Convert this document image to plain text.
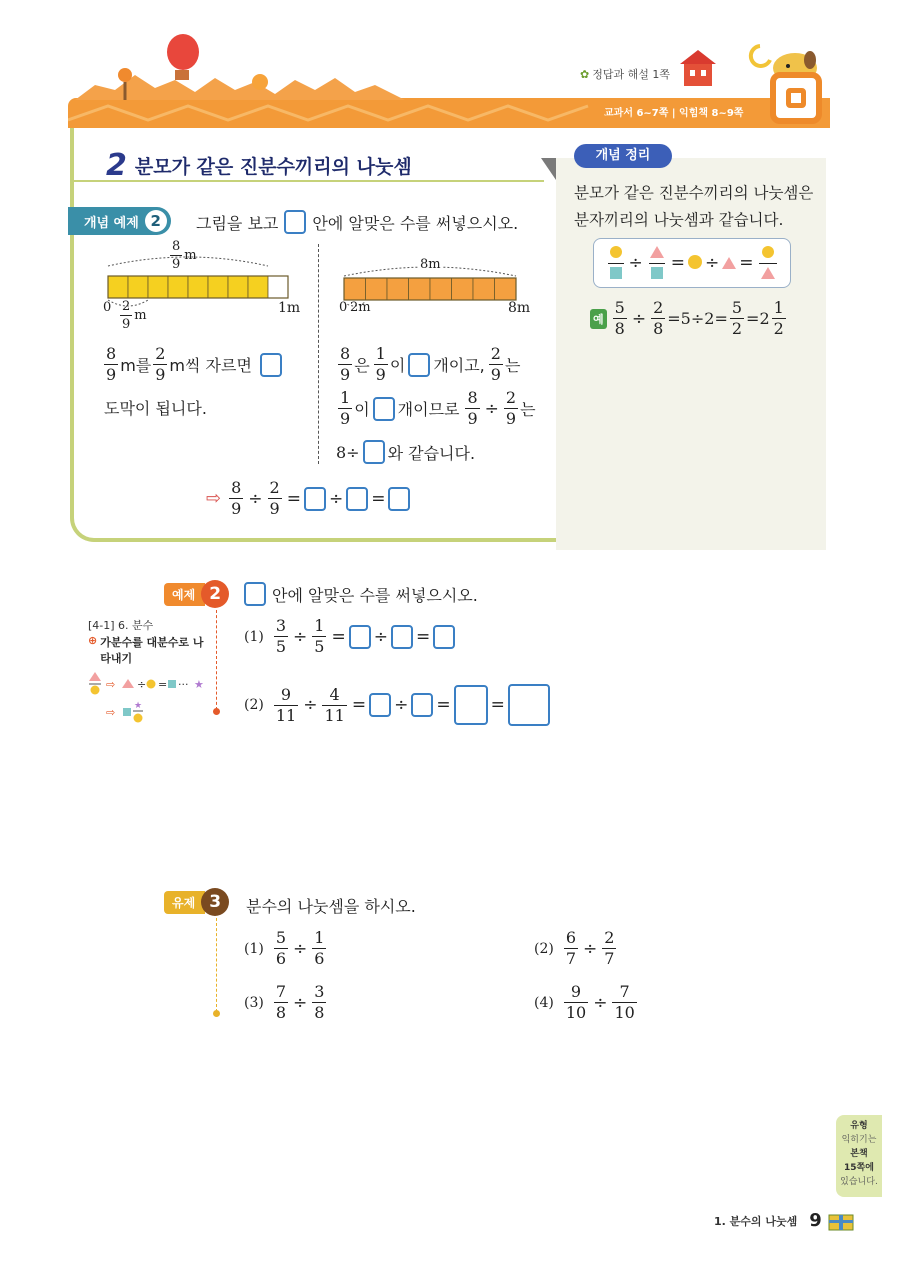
✿ 정답과 해설 1쪽
교과서 6~7쪽 | 익힘책 8~9쪽
2 분모가 같은 진분수끼리의 나눗셈
개념 정리
분모가 같은 진분수끼리의 나눗셈은 분자끼리의 나눗셈과 같습니다.
÷ = ÷ =
예 $\frac{5}{8} \div \frac{2}{8} =5\div 2= \frac{5}{2} =2$
1
2
개념 예제 2	그림을 보고 안에 알맞은 수를 써넣으시오.
8
9
m
0	1m
2
9
m
8m
0 2m	8m
8
9 m를
2
9 m씩 자르면
도막이 됩니다.
8
9 은
1
9 이 개이고,
2
9 는
1
9 이 개이므로 $\frac{8}{9} \div \frac{2}{9}$ 는
8÷ 와 같습니다.
⇨ $\frac{8}{9} \div \frac{2}{9}$ = ÷ =
예제 2	안에 알맞은 수를 써넣으시오.
[4-1] 6. 분수
⊕ 가분수를 대분수로 나타내기
⇨ ÷ = ··· ★
⇨ ★
$(1) \frac{3}{5} \div \frac{1}{5}$ = ÷ =
$(2) \frac{9}{11} \div \frac{4}{11}$ = ÷ = =
유제 3	분수의 나눗셈을 하시오.
$(1) \frac{5}{6} \div \frac{1}{6}$	$(2) \frac{6}{7} \div \frac{2}{7}$
$(3) \frac{7}{8} \div \frac{3}{8}$	$(4) \frac{9}{10} \div \frac{7}{10}$
유형
익히기는
본책
15쪽에
있습니다.
1. 분수의 나눗셈 9
